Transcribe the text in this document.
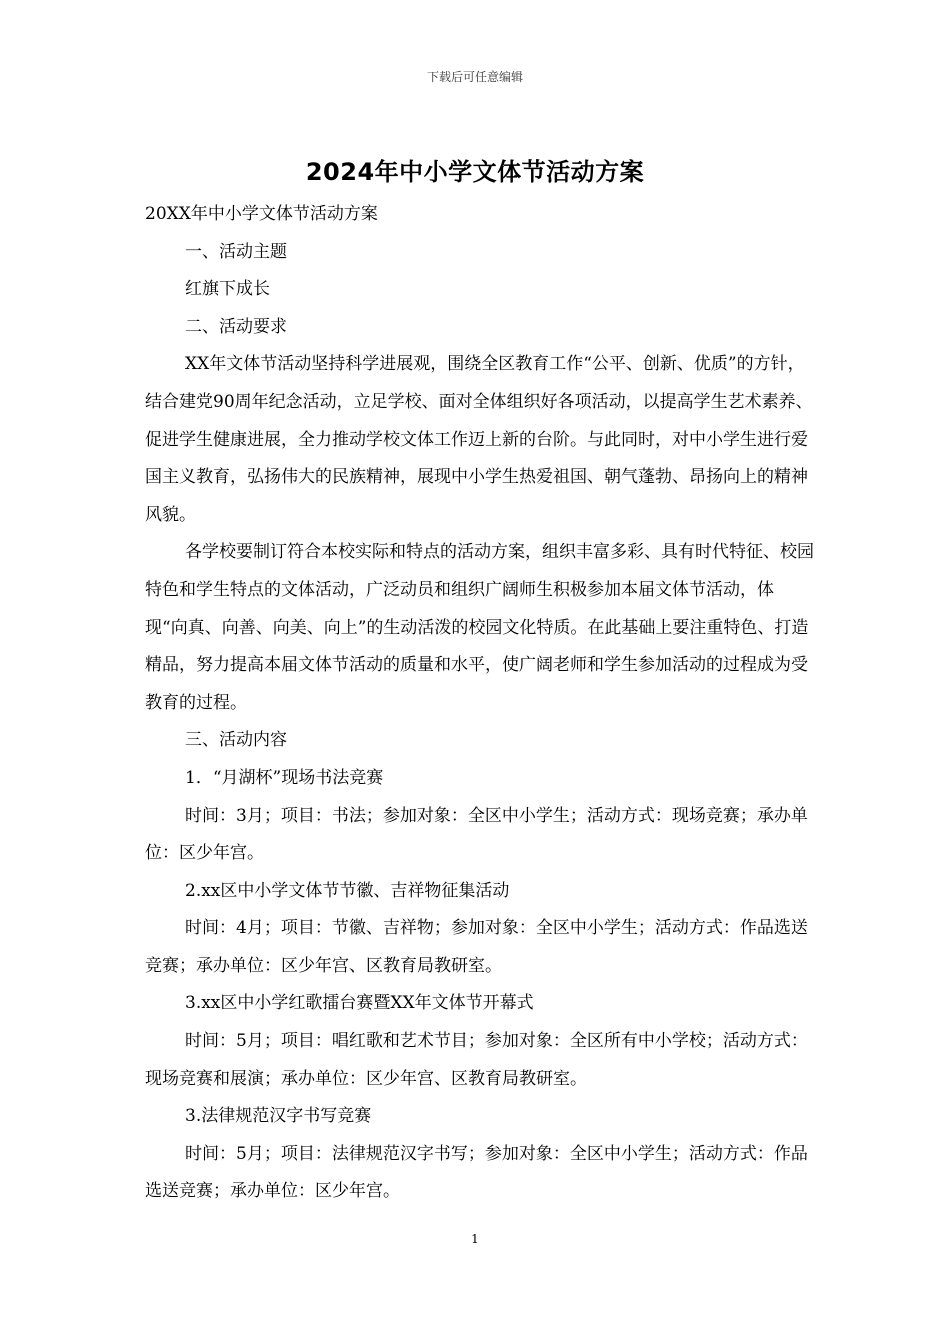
下载后可任意编辑
2024年中小学文体节活动方案

20XX年中小学文体节活动方案

一、活动主题

红旗下成长

二、活动要求

XX年文体节活动坚持科学进展观，围绕全区教育工作“公平、创新、优质”的方针，结合建党90周年纪念活动，立足学校、面对全体组织好各项活动，以提高学生艺术素养、促进学生健康进展，全力推动学校文体工作迈上新的台阶。与此同时，对中小学生进行爱国主义教育，弘扬伟大的民族精神，展现中小学生热爱祖国、朝气蓬勃、昂扬向上的精神风貌。

各学校要制订符合本校实际和特点的活动方案，组织丰富多彩、具有时代特征、校园特色和学生特点的文体活动，广泛动员和组织广阔师生积极参加本届文体节活动，体现“向真、向善、向美、向上”的生动活泼的校园文化特质。在此基础上要注重特色、打造精品，努力提高本届文体节活动的质量和水平，使广阔老师和学生参加活动的过程成为受教育的过程。

三、活动内容

1．“月湖杯”现场书法竞赛

时间：3月；项目：书法；参加对象：全区中小学生；活动方式：现场竞赛；承办单位：区少年宫。

2.xx区中小学文体节节徽、吉祥物征集活动

时间：4月；项目：节徽、吉祥物；参加对象：全区中小学生；活动方式：作品选送竞赛；承办单位：区少年宫、区教育局教研室。

3.xx区中小学红歌擂台赛暨XX年文体节开幕式

时间：5月；项目：唱红歌和艺术节目；参加对象：全区所有中小学校；活动方式：现场竞赛和展演；承办单位：区少年宫、区教育局教研室。

3.法律规范汉字书写竞赛

时间：5月；项目：法律规范汉字书写；参加对象：全区中小学生；活动方式：作品选送竞赛；承办单位：区少年宫。

1
